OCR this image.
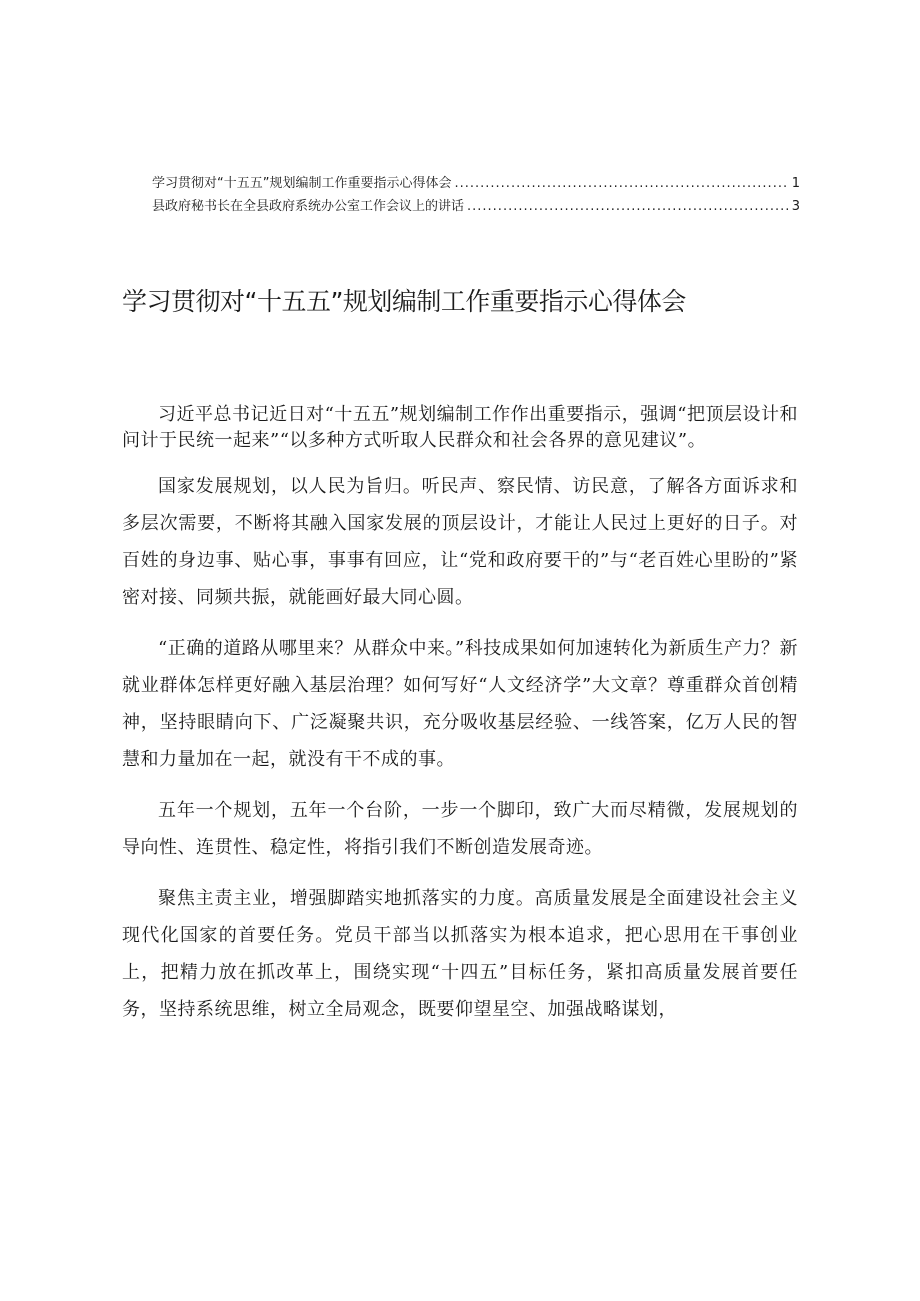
学习贯彻对“十五五”规划编制工作重要指示心得体会 .....	1
县政府秘书长在全县政府系统办公室工作会议上的讲话 .....	3
学习贯彻对“十五五”规划编制工作重要指示心得体会

习近平总书记近日对“十五五”规划编制工作作出重要指示，强调“把顶层设计和问计于民统一起来”“以多种方式听取人民群众和社会各界的意见建议”。

国家发展规划，以人民为旨归。听民声、察民情、访民意，了解各方面诉求和多层次需要，不断将其融入国家发展的顶层设计，才能让人民过上更好的日子。对百姓的身边事、贴心事，事事有回应，让“党和政府要干的”与“老百姓心里盼的”紧密对接、同频共振，就能画好最大同心圆。

“正确的道路从哪里来？从群众中来。”科技成果如何加速转化为新质生产力？新就业群体怎样更好融入基层治理？如何写好“人文经济学”大文章？尊重群众首创精神，坚持眼睛向下、广泛凝聚共识，充分吸收基层经验、一线答案，亿万人民的智慧和力量加在一起，就没有干不成的事。

五年一个规划，五年一个台阶，一步一个脚印，致广大而尽精微，发展规划的导向性、连贯性、稳定性，将指引我们不断创造发展奇迹。

聚焦主责主业，增强脚踏实地抓落实的力度。高质量发展是全面建设社会主义现代化国家的首要任务。党员干部当以抓落实为根本追求，把心思用在干事创业上，把精力放在抓改革上，围绕实现“十四五”目标任务，紧扣高质量发展首要任务，坚持系统思维，树立全局观念，既要仰望星空、加强战略谋划，
